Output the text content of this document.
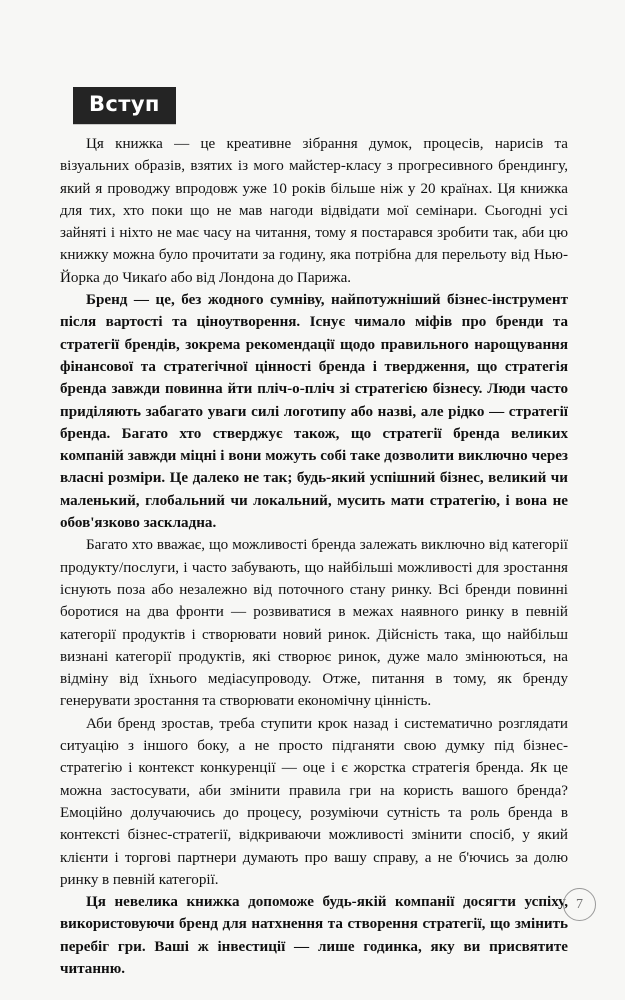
Вступ

Ця книжка — це креативне зібрання думок, процесів, нарисів та візуальних образів, взятих із мого майстер-класу з прогресивного брендингу, який я проводжу впродовж уже 10 років більше ніж у 20 країнах. Ця книжка для тих, хто поки що не мав нагоди відвідати мої семінари. Сьогодні усі зайняті і ніхто не має часу на читання, тому я постарався зробити так, аби цю книжку можна було прочитати за годину, яка потрібна для перельоту від Нью-Йорка до Чикаґо або від Лондона до Парижа.

Бренд — це, без жодного сумніву, найпотужніший бізнес-інструмент після вартості та ціноутворення. Існує чимало міфів про бренди та стратегії брендів, зокрема рекомендації щодо правильного нарощування фінансової та стратегічної цінності бренда і твердження, що стратегія бренда завжди повинна йти пліч-о-пліч зі стратегією бізнесу. Люди часто приділяють забагато уваги силі логотипу або назві, але рідко — стратегії бренда. Багато хто стверджує також, що стратегії бренда великих компаній завжди міцні і вони можуть собі таке дозволити виключно через власні розміри. Це далеко не так; будь-який успішний бізнес, великий чи маленький, глобальний чи локальний, мусить мати стратегію, і вона не обов'язково заскладна.

Багато хто вважає, що можливості бренда залежать виключно від категорії продукту/послуги, і часто забувають, що найбільші можливості для зростання існують поза або незалежно від поточного стану ринку. Всі бренди повинні боротися на два фронти — розвиватися в межах наявного ринку в певній категорії продуктів і створювати новий ринок. Дійсність така, що найбільш визнані категорії продуктів, які створює ринок, дуже мало змінюються, на відміну від їхнього медіасупроводу. Отже, питання в тому, як бренду генерувати зростання та створювати економічну цінність.

Аби бренд зростав, треба ступити крок назад і систематично розглядати ситуацію з іншого боку, а не просто підганяти свою думку під бізнес-стратегію і контекст конкуренції — оце і є жорстка стратегія бренда. Як це можна застосувати, аби змінити правила гри на користь вашого бренда? Емоційно долучаючись до процесу, розуміючи сутність та роль бренда в контексті бізнес-стратегії, відкриваючи можливості змінити спосіб, у який клієнти і торгові партнери думають про вашу справу, а не б'ючись за долю ринку в певній категорії.

Ця невелика книжка допоможе будь-якій компанії досягти успіху, використовуючи бренд для натхнення та створення стратегії, що змінить перебіг гри. Ваші ж інвестиції — лише годинка, яку ви присвятите читанню.

7
